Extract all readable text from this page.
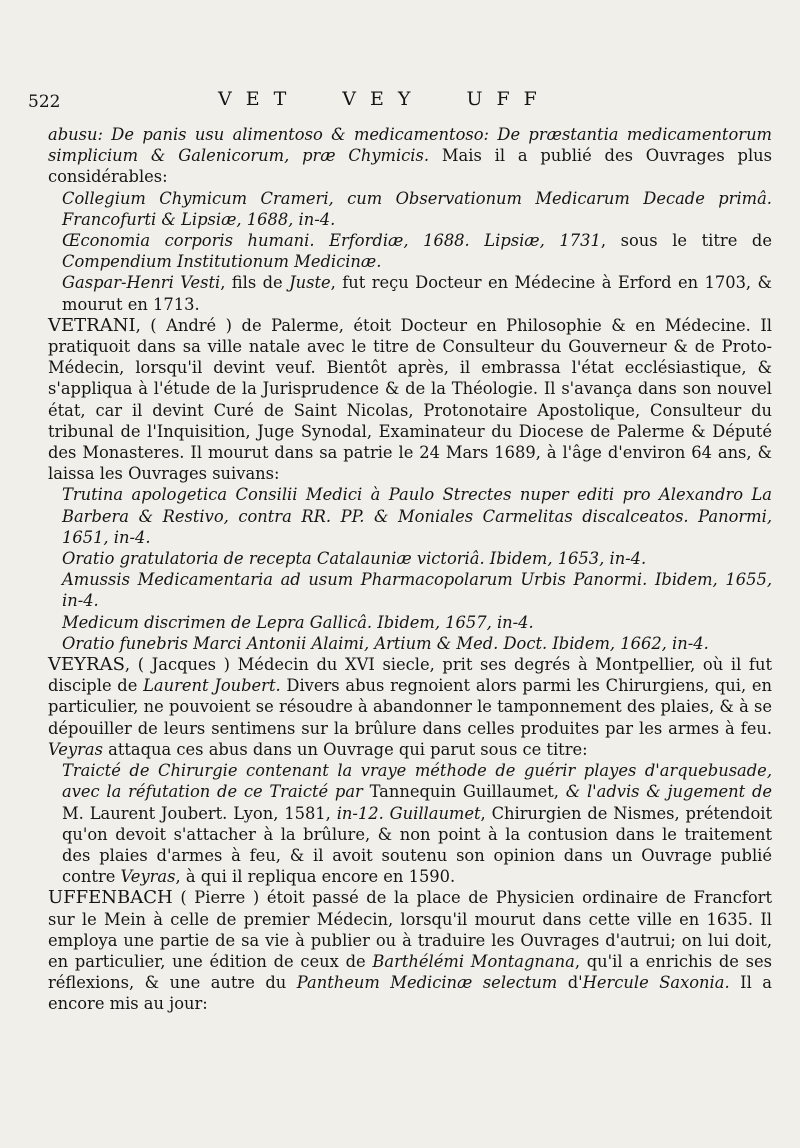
522	VET VEY UFF

abusu: De panis usu alimentoso & medicamentoso: De præstantia medicamentorum simplicium & Galenicorum, præ Chymicis. Mais il a publié des Ouvrages plus considérables:

Collegium Chymicum Crameri, cum Observationum Medicarum Decade primâ. Francofurti & Lipsiæ, 1688, in-4.

Œconomia corporis humani. Erfordiæ, 1688. Lipsiæ, 1731, sous le titre de Compendium Institutionum Medicinæ.

Gaspar-Henri Vesti, fils de Juste, fut reçu Docteur en Médecine à Erford en 1703, & mourut en 1713.

VETRANI, ( André ) de Palerme, étoit Docteur en Philosophie & en Médecine. Il pratiquoit dans sa ville natale avec le titre de Consulteur du Gouverneur & de Proto-Médecin, lorsqu'il devint veuf. Bientôt après, il embrassa l'état ecclésiastique, & s'appliqua à l'étude de la Jurisprudence & de la Théologie. Il s'avança dans son nouvel état, car il devint Curé de Saint Nicolas, Protonotaire Apostolique, Consulteur du tribunal de l'Inquisition, Juge Synodal, Examinateur du Diocese de Palerme & Député des Monasteres. Il mourut dans sa patrie le 24 Mars 1689, à l'âge d'environ 64 ans, & laissa les Ouvrages suivans:

Trutina apologetica Consilii Medici à Paulo Strectes nuper editi pro Alexandro La Barbera & Restivo, contra RR. PP. & Moniales Carmelitas discalceatos. Panormi, 1651, in-4.

Oratio gratulatoria de recepta Catalauniæ victoriâ. Ibidem, 1653, in-4.

Amussis Medicamentaria ad usum Pharmacopolarum Urbis Panormi. Ibidem, 1655, in-4.

Medicum discrimen de Lepra Gallicâ. Ibidem, 1657, in-4.

Oratio funebris Marci Antonii Alaimi, Artium & Med. Doct. Ibidem, 1662, in-4.

VEYRAS, ( Jacques ) Médecin du XVI siecle, prit ses degrés à Montpellier, où il fut disciple de Laurent Joubert. Divers abus regnoient alors parmi les Chirurgiens, qui, en particulier, ne pouvoient se résoudre à abandonner le tamponnement des plaies, & à se dépouiller de leurs sentimens sur la brûlure dans celles produites par les armes à feu. Veyras attaqua ces abus dans un Ouvrage qui parut sous ce titre:

Traicté de Chirurgie contenant la vraye méthode de guérir playes d'arquebusade, avec la réfutation de ce Traicté par Tannequin Guillaumet, & l'advis & jugement de M. Laurent Joubert. Lyon, 1581, in-12. Guillaumet, Chirurgien de Nismes, prétendoit qu'on devoit s'attacher à la brûlure, & non point à la contusion dans le traitement des plaies d'armes à feu, & il avoit soutenu son opinion dans un Ouvrage publié contre Veyras, à qui il repliqua encore en 1590.

UFFENBACH ( Pierre ) étoit passé de la place de Physicien ordinaire de Francfort sur le Mein à celle de premier Médecin, lorsqu'il mourut dans cette ville en 1635. Il employa une partie de sa vie à publier ou à traduire les Ouvrages d'autrui; on lui doit, en particulier, une édition de ceux de Barthélémi Montagnana, qu'il a enrichis de ses réflexions, & une autre du Pantheum Medicinæ selectum d'Hercule Saxonia. Il a encore mis au jour:
